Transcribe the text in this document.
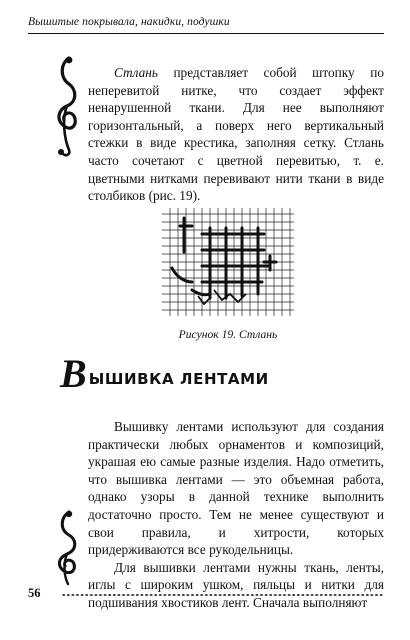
Вышитые покрывала, накидки, подушки

Стлань представляет собой штопку по неперевитой нитке, что создает эффект ненарушенной ткани. Для нее выполняют горизонтальный, а поверх него вертикальный стежки в виде крестика, заполняя сетку. Стлань часто сочетают с цветной перевитью, т. е. цветными нитками перевивают нити ткани в виде столбиков (рис. 19).

Рисунок 19. Стлань
В ЫШИВКА ЛЕНТАМИ

Вышивку лентами используют для создания практически любых орнаментов и композиций, украшая ею самые разные изделия. Надо отметить, что вышивка лентами — это объемная работа, однако узоры в данной технике выполнить достаточно просто. Тем не менее существуют и свои правила, и хитрости, которых придерживаются все рукодельницы.

Для вышивки лентами нужны ткань, ленты, иглы с широким ушком, пяльцы и нитки для подшивания хвостиков лент. Сначала выполняют

56
